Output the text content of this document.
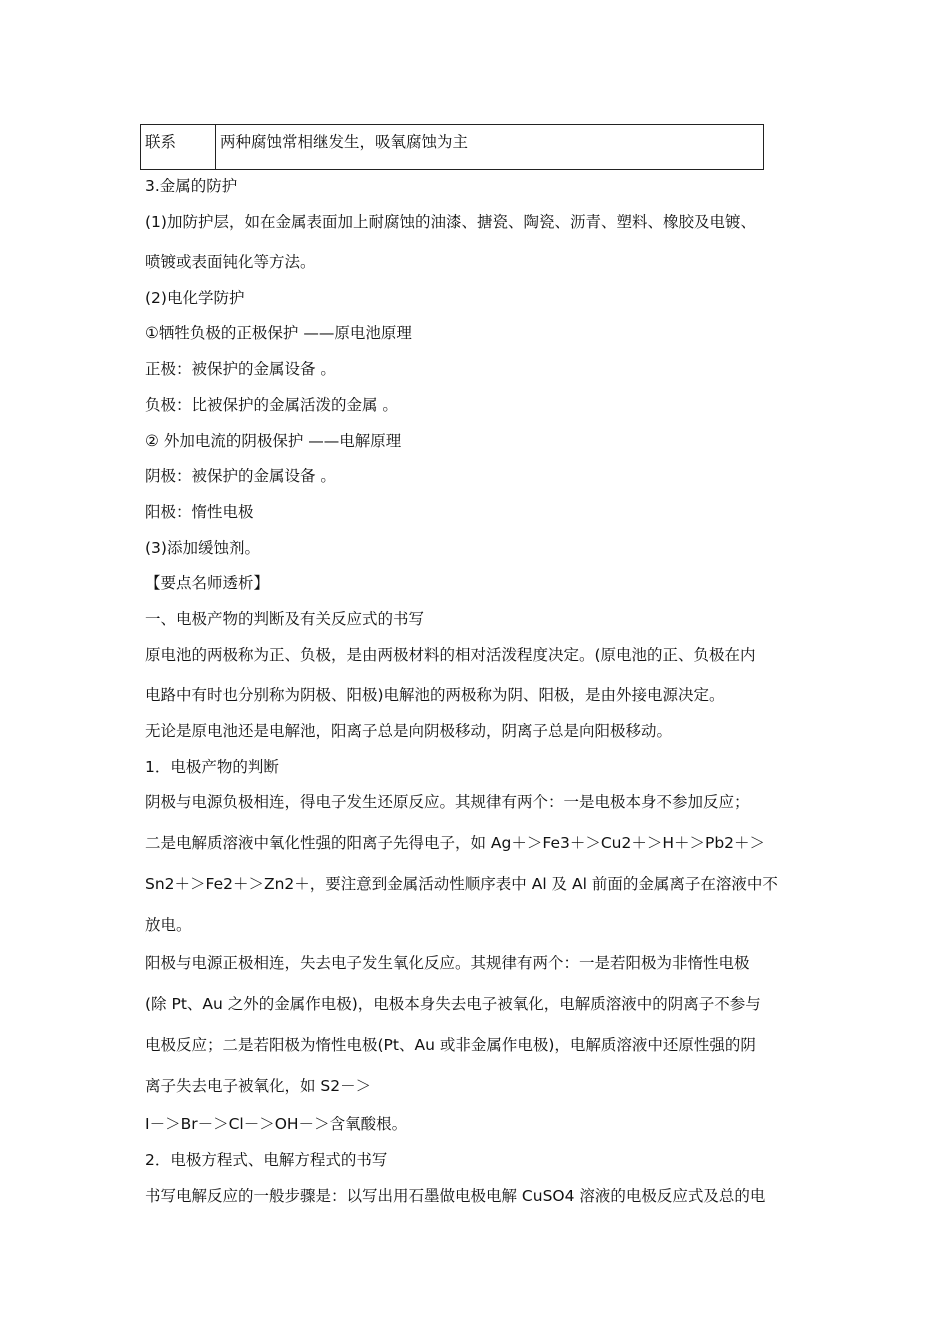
联系	两种腐蚀常相继发生，吸氧腐蚀为主
3.金属的防护
(1)加防护层，如在金属表面加上耐腐蚀的油漆、搪瓷、陶瓷、沥青、塑料、橡胶及电镀、
喷镀或表面钝化等方法。
(2)电化学防护
①牺牲负极的正极保护 ——原电池原理
正极：被保护的金属设备 。
负极：比被保护的金属活泼的金属 。
② 外加电流的阴极保护 ——电解原理
阴极：被保护的金属设备 。
阳极：惰性电极
(3)添加缓蚀剂。
【要点名师透析】
一、电极产物的判断及有关反应式的书写
原电池的两极称为正、负极，是由两极材料的相对活泼程度决定。(原电池的正、负极在内
电路中有时也分别称为阴极、阳极)电解池的两极称为阴、阳极，是由外接电源决定。
无论是原电池还是电解池，阳离子总是向阴极移动，阴离子总是向阳极移动。
1．电极产物的判断
阴极与电源负极相连，得电子发生还原反应。其规律有两个：一是电极本身不参加反应；
二是电解质溶液中氧化性强的阳离子先得电子，如 Ag＋＞Fe3＋＞Cu2＋＞H＋＞Pb2＋＞
Sn2＋＞Fe2＋＞Zn2＋，要注意到金属活动性顺序表中 Al 及 Al 前面的金属离子在溶液中不
放电。
阳极与电源正极相连，失去电子发生氧化反应。其规律有两个：一是若阳极为非惰性电极
(除 Pt、Au 之外的金属作电极)，电极本身失去电子被氧化，电解质溶液中的阴离子不参与
电极反应；二是若阳极为惰性电极(Pt、Au 或非金属作电极)，电解质溶液中还原性强的阴
离子失去电子被氧化，如 S2－＞
I－＞Br－＞Cl－＞OH－＞含氧酸根。
2．电极方程式、电解方程式的书写
书写电解反应的一般步骤是：以写出用石墨做电极电解 CuSO4 溶液的电极反应式及总的电
